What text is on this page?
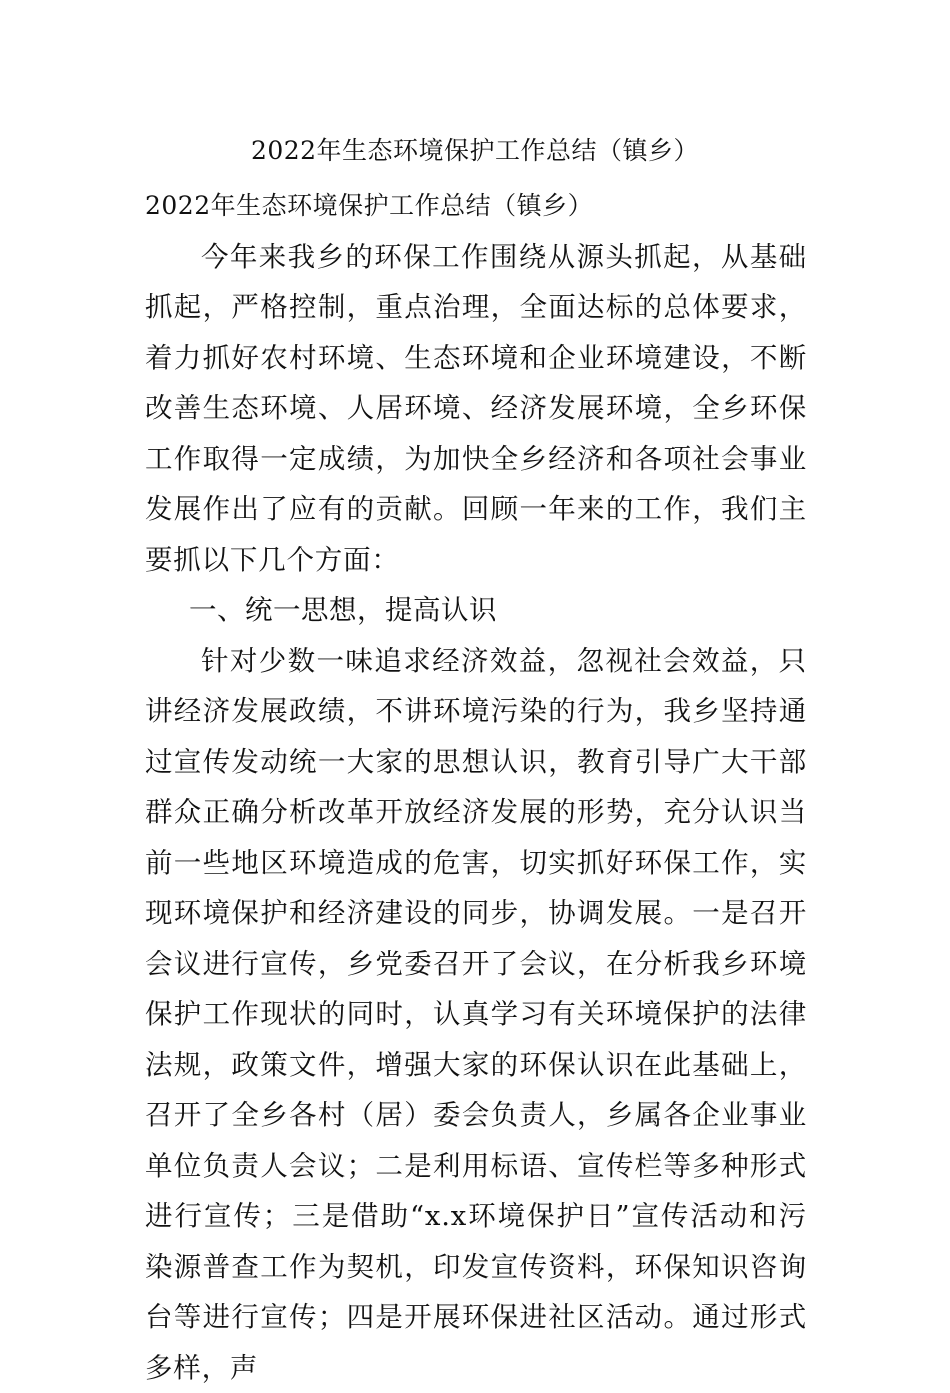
2022年生态环境保护工作总结（镇乡）

2022年生态环境保护工作总结（镇乡）

今年来我乡的环保工作围绕从源头抓起，从基础抓起，严格控制，重点治理，全面达标的总体要求，着力抓好农村环境、生态环境和企业环境建设，不断改善生态环境、人居环境、经济发展环境，全乡环保工作取得一定成绩，为加快全乡经济和各项社会事业发展作出了应有的贡献。回顾一年来的工作，我们主要抓以下几个方面：

一、统一思想，提高认识

针对少数一味追求经济效益，忽视社会效益，只讲经济发展政绩，不讲环境污染的行为，我乡坚持通过宣传发动统一大家的思想认识，教育引导广大干部群众正确分析改革开放经济发展的形势，充分认识当前一些地区环境造成的危害，切实抓好环保工作，实现环境保护和经济建设的同步，协调发展。一是召开会议进行宣传，乡党委召开了会议，在分析我乡环境保护工作现状的同时，认真学习有关环境保护的法律法规，政策文件，增强大家的环保认识在此基础上，召开了全乡各村（居）委会负责人，乡属各企业事业单位负责人会议；二是利用标语、宣传栏等多种形式进行宣传；三是借助“x.x环境保护日”宣传活动和污染源普查工作为契机，印发宣传资料，环保知识咨询台等进行宣传；四是开展环保进社区活动。通过形式多样，声
